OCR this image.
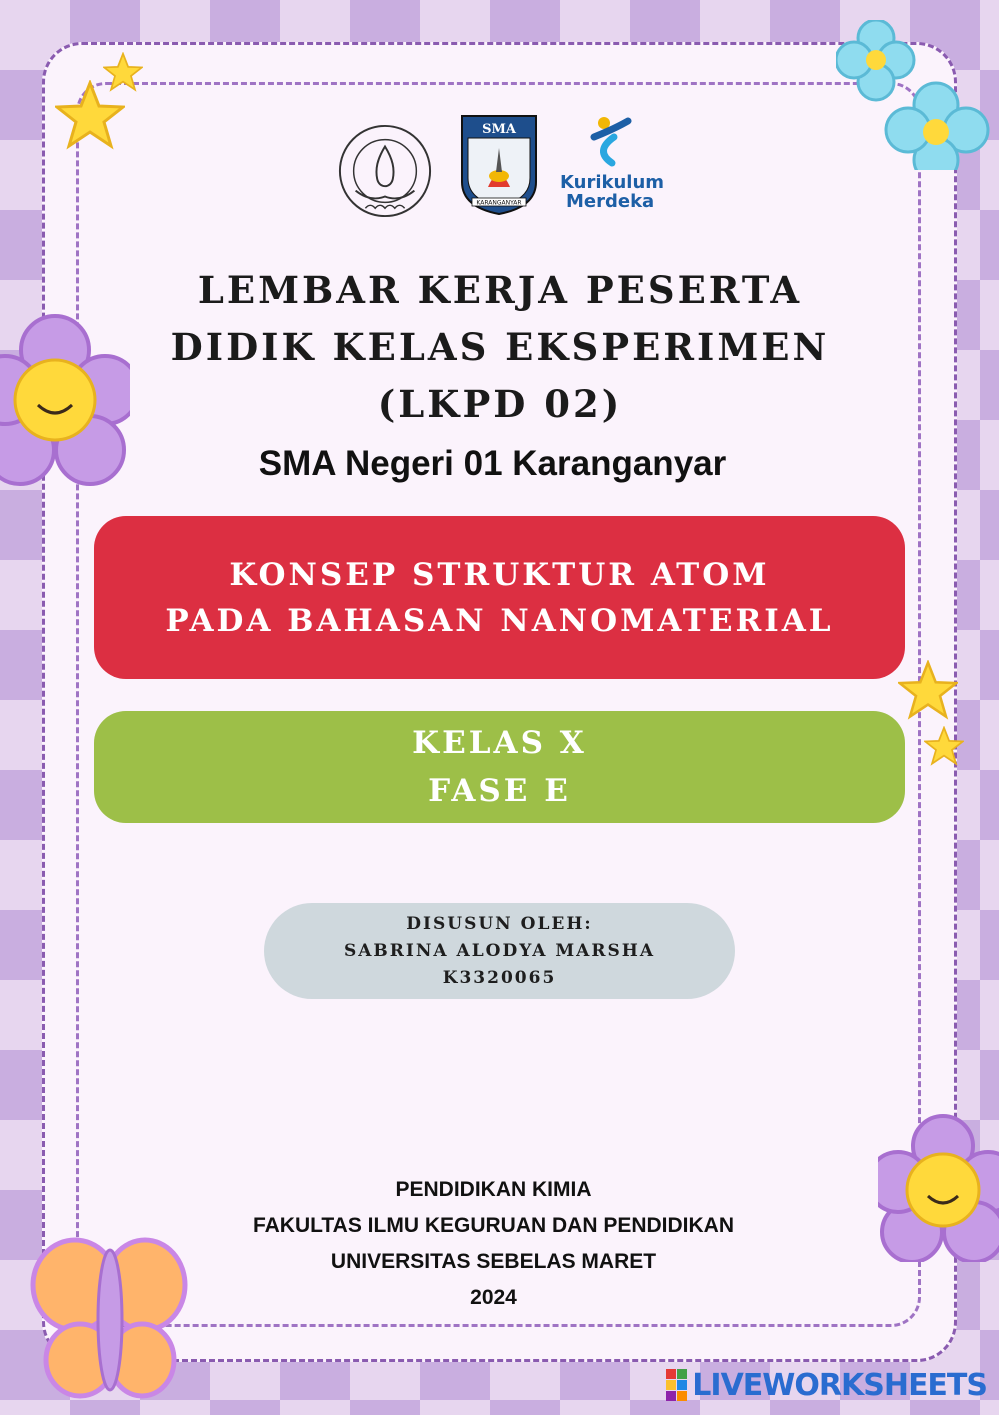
SMA
KARANGANYAR
Kurikulum
Merdeka
LEMBAR KERJA PESERTA
DIDIK KELAS EKSPERIMEN
(LKPD 02)
SMA Negeri 01 Karanganyar
KONSEP STRUKTUR ATOM
PADA BAHASAN NANOMATERIAL
KELAS X
FASE E
DISUSUN OLEH:
SABRINA ALODYA MARSHA
K3320065
PENDIDIKAN KIMIA
FAKULTAS ILMU KEGURUAN DAN PENDIDIKAN
UNIVERSITAS SEBELAS MARET
2024
LIVEWORKSHEETS
